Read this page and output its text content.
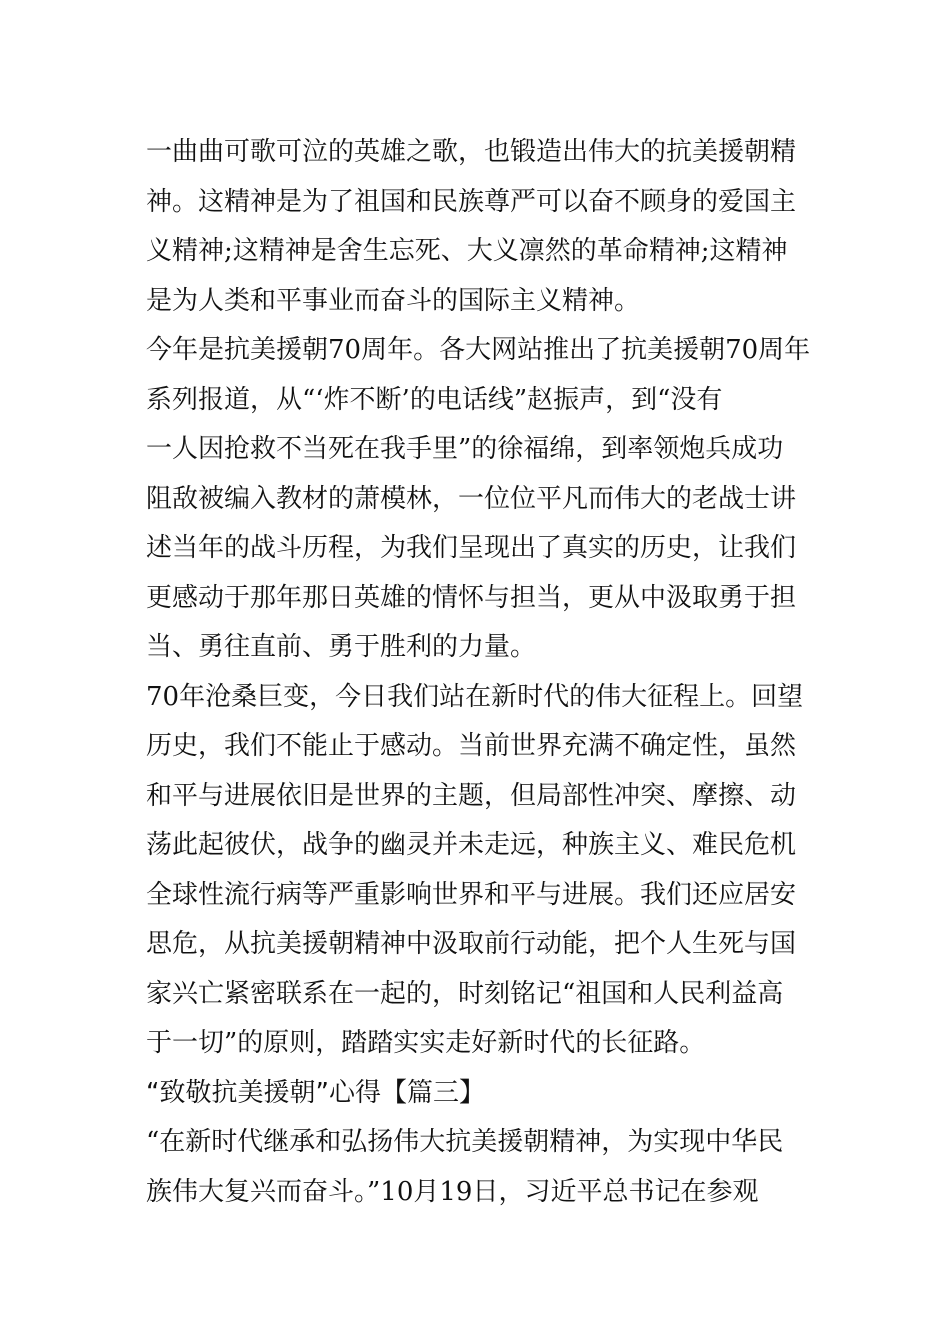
一曲曲可歌可泣的英雄之歌，也锻造出伟大的抗美援朝精
神。这精神是为了祖国和民族尊严可以奋不顾身的爱国主
义精神;这精神是舍生忘死、大义凛然的革命精神;这精神
是为人类和平事业而奋斗的国际主义精神。
今年是抗美援朝70周年。各大网站推出了抗美援朝70周年
系列报道，从“‘炸不断’的电话线”赵振声，到“没有
一人因抢救不当死在我手里”的徐福绵，到率领炮兵成功
阻敌被编入教材的萧模林，一位位平凡而伟大的老战士讲
述当年的战斗历程，为我们呈现出了真实的历史，让我们
更感动于那年那日英雄的情怀与担当，更从中汲取勇于担
当、勇往直前、勇于胜利的力量。
70年沧桑巨变，今日我们站在新时代的伟大征程上。回望
历史，我们不能止于感动。当前世界充满不确定性，虽然
和平与进展依旧是世界的主题，但局部性冲突、摩擦、动
荡此起彼伏，战争的幽灵并未走远，种族主义、难民危机
全球性流行病等严重影响世界和平与进展。我们还应居安
思危，从抗美援朝精神中汲取前行动能，把个人生死与国
家兴亡紧密联系在一起的，时刻铭记“祖国和人民利益高
于一切”的原则，踏踏实实走好新时代的长征路。
“致敬抗美援朝”心得【篇三】
“在新时代继承和弘扬伟大抗美援朝精神，为实现中华民
族伟大复兴而奋斗。”10月19日，习近平总书记在参观
